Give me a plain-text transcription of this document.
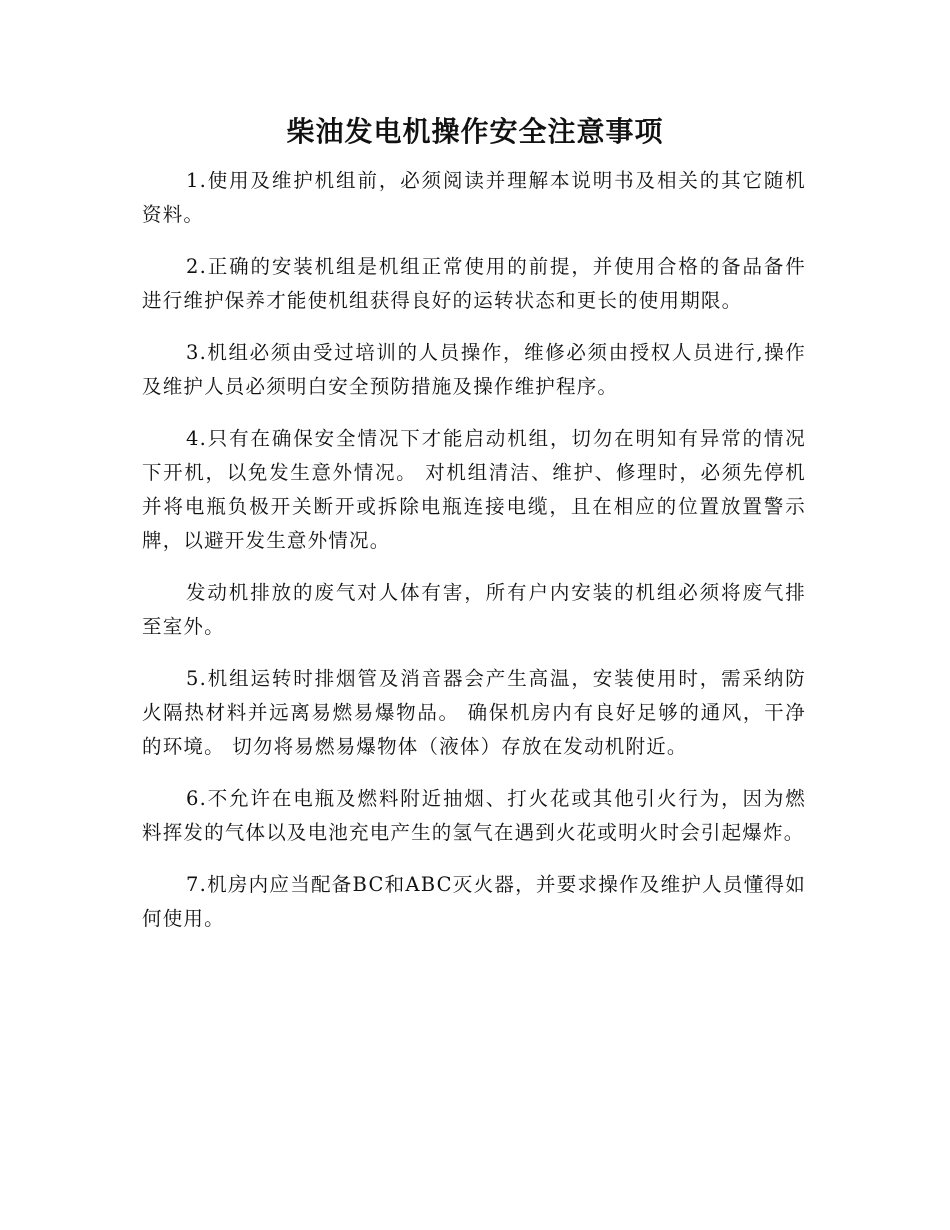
柴油发电机操作安全注意事项

1.使用及维护机组前，必须阅读并理解本说明书及相关的其它随机资料。

2.正确的安装机组是机组正常使用的前提，并使用合格的备品备件进行维护保养才能使机组获得良好的运转状态和更长的使用期限。

3.机组必须由受过培训的人员操作，维修必须由授权人员进行,操作及维护人员必须明白安全预防措施及操作维护程序。

4.只有在确保安全情况下才能启动机组，切勿在明知有异常的情况下开机，以免发生意外情况。 对机组清洁、维护、修理时，必须先停机并将电瓶负极开关断开或拆除电瓶连接电缆，且在相应的位置放置警示牌，以避开发生意外情况。

发动机排放的废气对人体有害，所有户内安装的机组必须将废气排至室外。

5.机组运转时排烟管及消音器会产生高温，安装使用时，需采纳防火隔热材料并远离易燃易爆物品。 确保机房内有良好足够的通风，干净的环境。 切勿将易燃易爆物体（液体）存放在发动机附近。

6.不允许在电瓶及燃料附近抽烟、打火花或其他引火行为，因为燃料挥发的气体以及电池充电产生的氢气在遇到火花或明火时会引起爆炸。

7.机房内应当配备BC和ABC灭火器，并要求操作及维护人员懂得如何使用。
